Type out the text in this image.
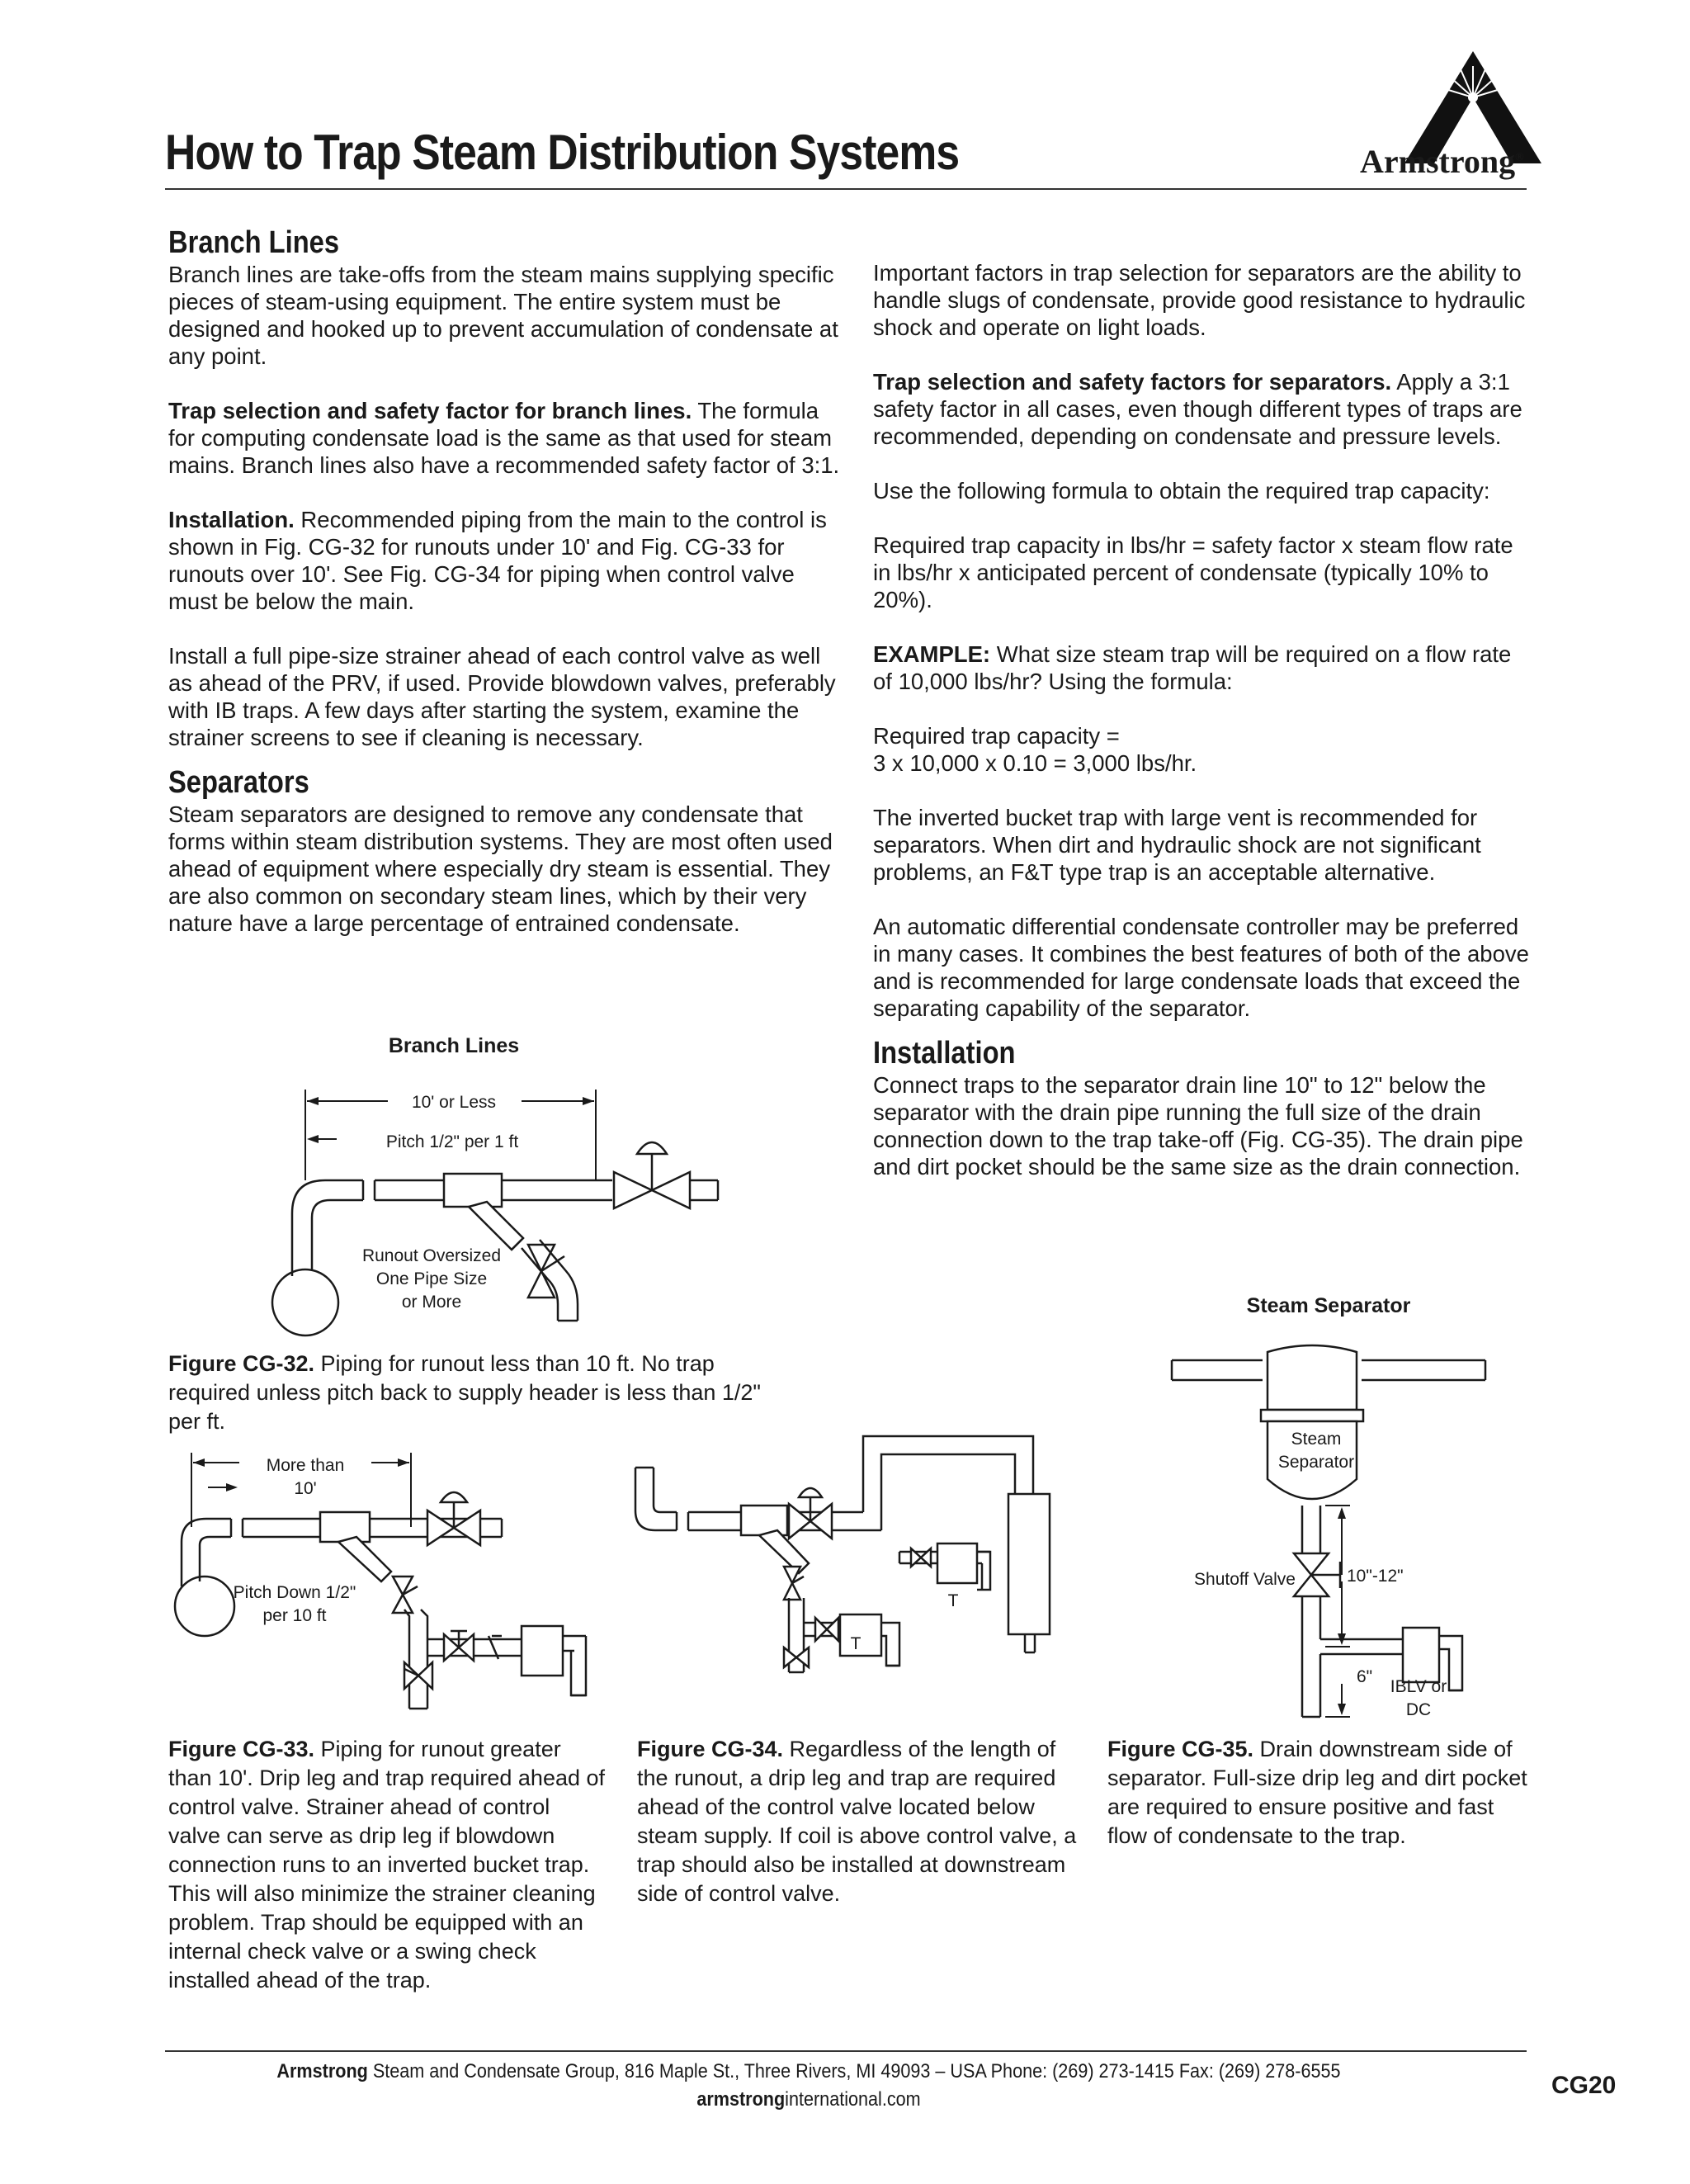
How to Trap Steam Distribution Systems	Armstrong®
Branch Lines

Branch lines are take-offs from the steam mains supplying specific pieces of steam-using equipment. The entire system must be designed and hooked up to prevent accumulation of condensate at any point.

Trap selection and safety factor for branch lines. The formula for computing condensate load is the same as that used for steam mains. Branch lines also have a recommended safety factor of 3:1.

Installation. Recommended piping from the main to the control is shown in Fig. CG-32 for runouts under 10' and Fig. CG-33 for runouts over 10'. See Fig. CG-34 for piping when control valve must be below the main.

Install a full pipe-size strainer ahead of each control valve as well as ahead of the PRV, if used. Provide blowdown valves, preferably with IB traps. A few days after starting the system, examine the strainer screens to see if cleaning is necessary.

Separators

Steam separators are designed to remove any condensate that forms within steam distribution systems. They are most often used ahead of equipment where especially dry steam is essential. They are also common on secondary steam lines, which by their very nature have a large percentage of entrained condensate.

Important factors in trap selection for separators are the ability to handle slugs of condensate, provide good resistance to hydraulic shock and operate on light loads.

Trap selection and safety factors for separators. Apply a 3:1 safety factor in all cases, even though different types of traps are recommended, depending on condensate and pressure levels.

Use the following formula to obtain the required trap capacity:

Required trap capacity in lbs/hr = safety factor x steam flow rate in lbs/hr x anticipated percent of condensate (typically 10% to 20%).

EXAMPLE: What size steam trap will be required on a flow rate of 10,000 lbs/hr? Using the formula:

Required trap capacity =

3 x 10,000 x 0.10 = 3,000 lbs/hr.

The inverted bucket trap with large vent is recommended for separators. When dirt and hydraulic shock are not significant problems, an F&T type trap is an acceptable alternative.

An automatic differential condensate controller may be preferred in many cases. It combines the best features of both of the above and is recommended for large condensate loads that exceed the separating capability of the separator.

Installation

Connect traps to the separator drain line 10" to 12" below the separator with the drain pipe running the full size of the drain connection down to the trap take-off (Fig. CG-35). The drain pipe and dirt pocket should be the same size as the drain connection.

Branch Lines
10' or Less
Pitch 1/2" per 1 ft
Runout Oversized
One Pipe Size
or More
Figure CG-32. Piping for runout less than 10 ft. No trap required unless pitch back to supply header is less than 1/2" per ft.
More than
10'
Pitch Down 1/2"
per 10 ft
Figure CG-33. Piping for runout greater than 10'. Drip leg and trap required ahead of control valve. Strainer ahead of control valve can serve as drip leg if blowdown connection runs to an inverted bucket trap. This will also minimize the strainer cleaning problem. Trap should be equipped with an internal check valve or a swing check installed ahead of the trap.
T
T
Figure CG-34. Regardless of the length of the runout, a drip leg and trap are required ahead of the control valve located below steam supply. If coil is above control valve, a trap should also be installed at downstream side of control valve.
Steam Separator
Steam
Separator
Shutoff Valve	10"-12"
6"
IBLV or
DC
Figure CG-35. Drain downstream side of separator. Full-size drip leg and dirt pocket are required to ensure positive and fast flow of condensate to the trap.
Armstrong Steam and Condensate Group, 816 Maple St., Three Rivers, MI 49093 – USA Phone: (269) 273-1415 Fax: (269) 278-6555
armstronginternational.com
CG20
